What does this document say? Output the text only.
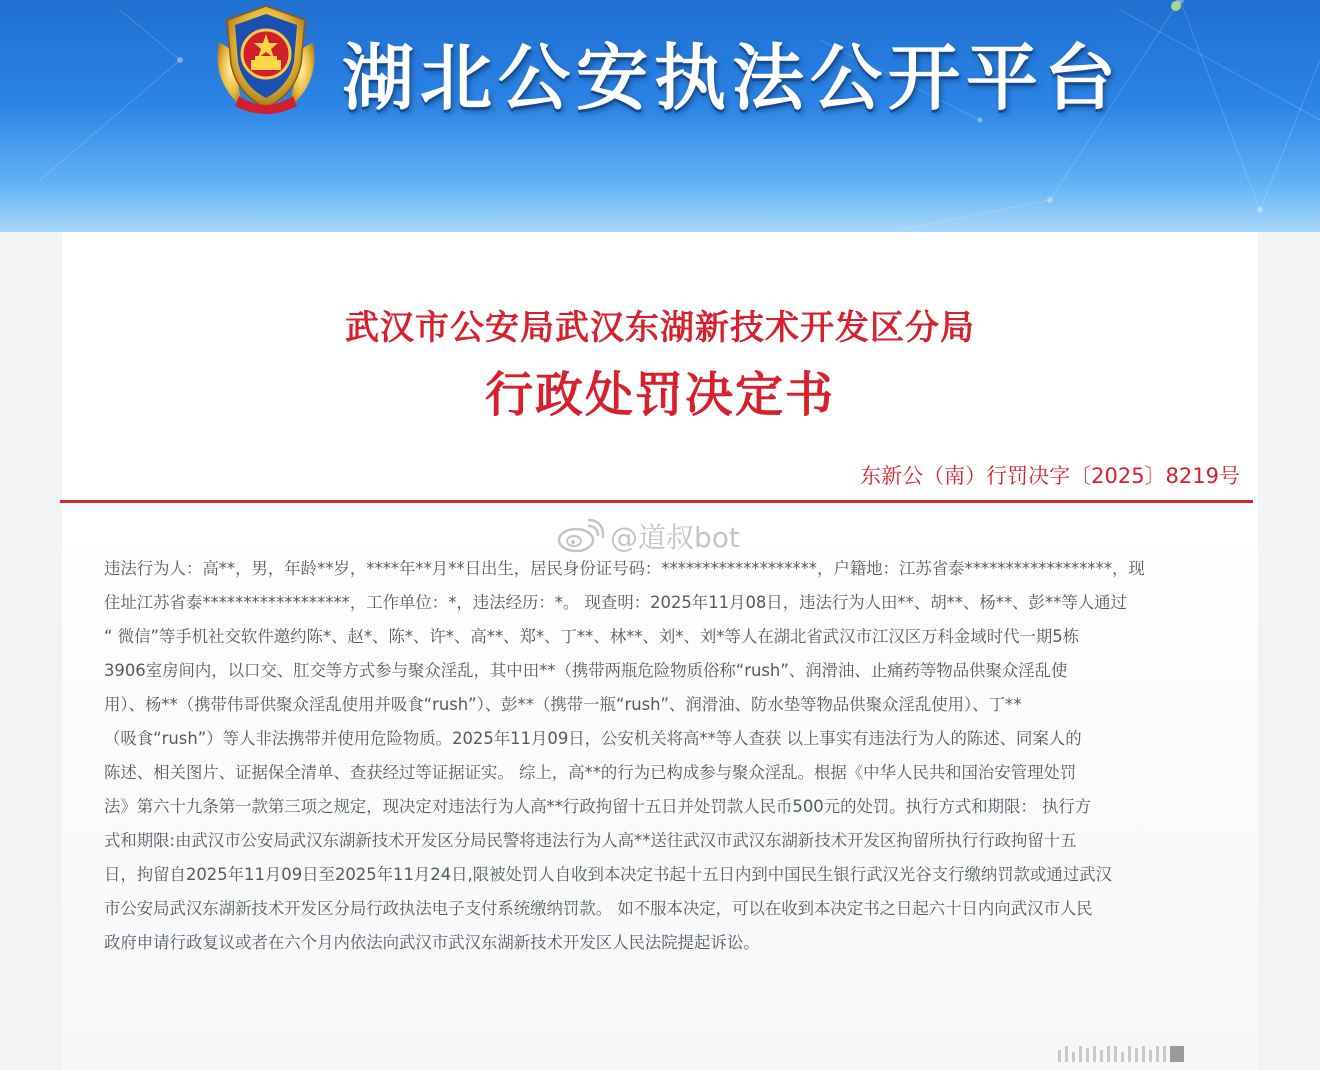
湖北公安执法公开平台
武汉市公安局武汉东湖新技术开发区分局
行政处罚决定书
东新公（南）行罚决字〔2025〕8219号
@道叔bot
违法行为人：高**，男，年龄**岁，****年**月**日出生，居民身份证号码：*******************，户籍地：江苏省泰******************，现
住址江苏省泰******************，工作单位：*，违法经历：*。 现查明：2025年11月08日，违法行为人田**、胡**、杨**、彭**等人通过
“ 微信”等手机社交软件邀约陈*、赵*、陈*、许*、高**、郑*、丁**、林**、刘*、刘*等人在湖北省武汉市江汉区万科金域时代一期5栋
3906室房间内，以口交、肛交等方式参与聚众淫乱，其中田**（携带两瓶危险物质俗称“rush”、润滑油、止痛药等物品供聚众淫乱使
用）、杨**（携带伟哥供聚众淫乱使用并吸食“rush”）、彭**（携带一瓶“rush”、润滑油、防水垫等物品供聚众淫乱使用）、丁**
（吸食“rush”）等人非法携带并使用危险物质。2025年11月09日，公安机关将高**等人查获 以上事实有违法行为人的陈述、同案人的
陈述、相关图片、证据保全清单、查获经过等证据证实。 综上，高**的行为已构成参与聚众淫乱。根据《中华人民共和国治安管理处罚
法》第六十九条第一款第三项之规定，现决定对违法行为人高**行政拘留十五日并处罚款人民币500元的处罚。执行方式和期限： 执行方
式和期限:由武汉市公安局武汉东湖新技术开发区分局民警将违法行为人高**送往武汉市武汉东湖新技术开发区拘留所执行行政拘留十五
日，拘留自2025年11月09日至2025年11月24日,限被处罚人自收到本决定书起十五日内到中国民生银行武汉光谷支行缴纳罚款或通过武汉
市公安局武汉东湖新技术开发区分局行政执法电子支付系统缴纳罚款。 如不服本决定，可以在收到本决定书之日起六十日内向武汉市人民
政府申请行政复议或者在六个月内依法向武汉市武汉东湖新技术开发区人民法院提起诉讼。
